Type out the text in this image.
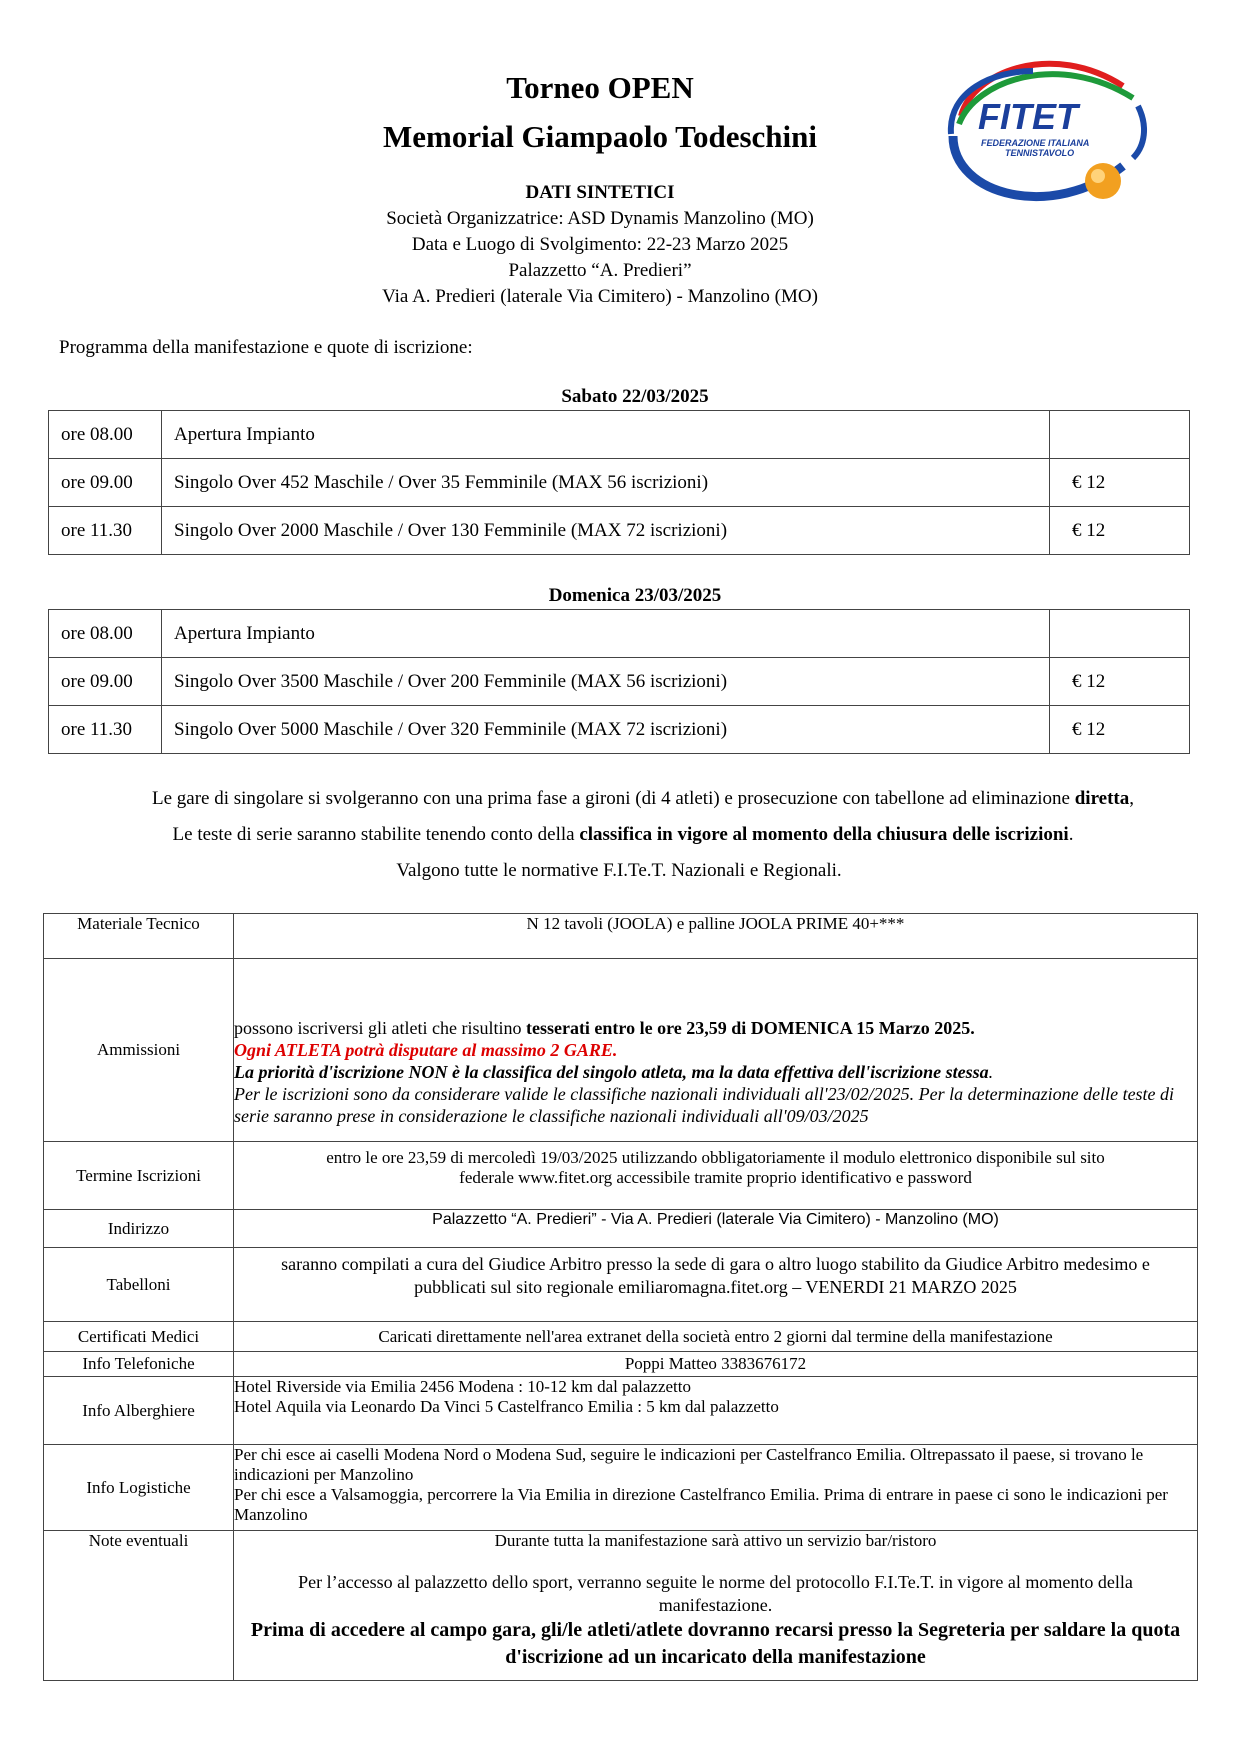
Torneo OPEN
Memorial Giampaolo Todeschini	FITET
FEDERAZIONE ITALIANA
TENNISTAVOLO
DATI SINTETICI
Società Organizzatrice: ASD Dynamis Manzolino (MO)
Data e Luogo di Svolgimento: 22-23 Marzo 2025
Palazzetto “A. Predieri”
Via A. Predieri (laterale Via Cimitero) - Manzolino (MO)
Programma della manifestazione e quote di iscrizione:
Sabato 22/03/2025
ore 08.00	Apertura Impianto	
ore 09.00	Singolo Over 452 Maschile / Over 35 Femminile (MAX 56 iscrizioni)	€ 12
ore 11.30	Singolo Over 2000 Maschile / Over 130 Femminile (MAX 72 iscrizioni)	€ 12
Domenica 23/03/2025
ore 08.00	Apertura Impianto	
ore 09.00	Singolo Over 3500 Maschile / Over 200 Femminile (MAX 56 iscrizioni)	€ 12
ore 11.30	Singolo Over 5000 Maschile / Over 320 Femminile (MAX 72 iscrizioni)	€ 12
Le gare di singolare si svolgeranno con una prima fase a gironi (di 4 atleti) e prosecuzione con tabellone ad eliminazione diretta,
Le teste di serie saranno stabilite tenendo conto della classifica in vigore al momento della chiusura delle iscrizioni.
Valgono tutte le normative F.I.Te.T. Nazionali e Regionali.
Materiale Tecnico	N 12 tavoli (JOOLA) e palline JOOLA PRIME 40+***
Ammissioni	possono iscriversi gli atleti che risultino tesserati entro le ore 23,59 di DOMENICA 15 Marzo 2025.
Ogni ATLETA potrà disputare al massimo 2 GARE.
La priorità d'iscrizione NON è la classifica del singolo atleta, ma la data effettiva dell'iscrizione stessa.
Per le iscrizioni sono da considerare valide le classifiche nazionali individuali all'23/02/2025. Per la determinazione delle teste di serie saranno prese in considerazione le classifiche nazionali individuali all'09/03/2025

Termine Iscrizioni	entro le ore 23,59 di mercoledì 19/03/2025 utilizzando obbligatoriamente il modulo elettronico disponibile sul sito
federale www.fitet.org accessibile tramite proprio identificativo e password

Indirizzo	Palazzetto “A. Predieri” - Via A. Predieri (laterale Via Cimitero) - Manzolino (MO)
Tabelloni	saranno compilati a cura del Giudice Arbitro presso la sede di gara o altro luogo stabilito da Giudice Arbitro medesimo e pubblicati sul sito regionale emiliaromagna.fitet.org – VENERDI 21 MARZO 2025
Certificati Medici	Caricati direttamente nell'area extranet della società entro 2 giorni dal termine della manifestazione
Info Telefoniche	Poppi Matteo 3383676172
Info Alberghiere	Hotel Riverside via Emilia 2456 Modena : 10-12 km dal palazzetto
Hotel Aquila via Leonardo Da Vinci 5 Castelfranco Emilia : 5 km dal palazzetto

Info Logistiche	Per chi esce ai caselli Modena Nord o Modena Sud, seguire le indicazioni per Castelfranco Emilia. Oltrepassato il paese, si trovano le indicazioni per Manzolino
Per chi esce a Valsamoggia, percorrere la Via Emilia in direzione Castelfranco Emilia. Prima di entrare in paese ci sono le indicazioni per Manzolino

Note eventuali	Durante tutta la manifestazione sarà attivo un servizio bar/ristoro
Per l’accesso al palazzetto dello sport, verranno seguite le norme del protocollo F.I.Te.T. in vigore al momento della manifestazione.
Prima di accedere al campo gara, gli/le atleti/atlete dovranno recarsi presso la Segreteria per saldare la quota d'iscrizione ad un incaricato della manifestazione
